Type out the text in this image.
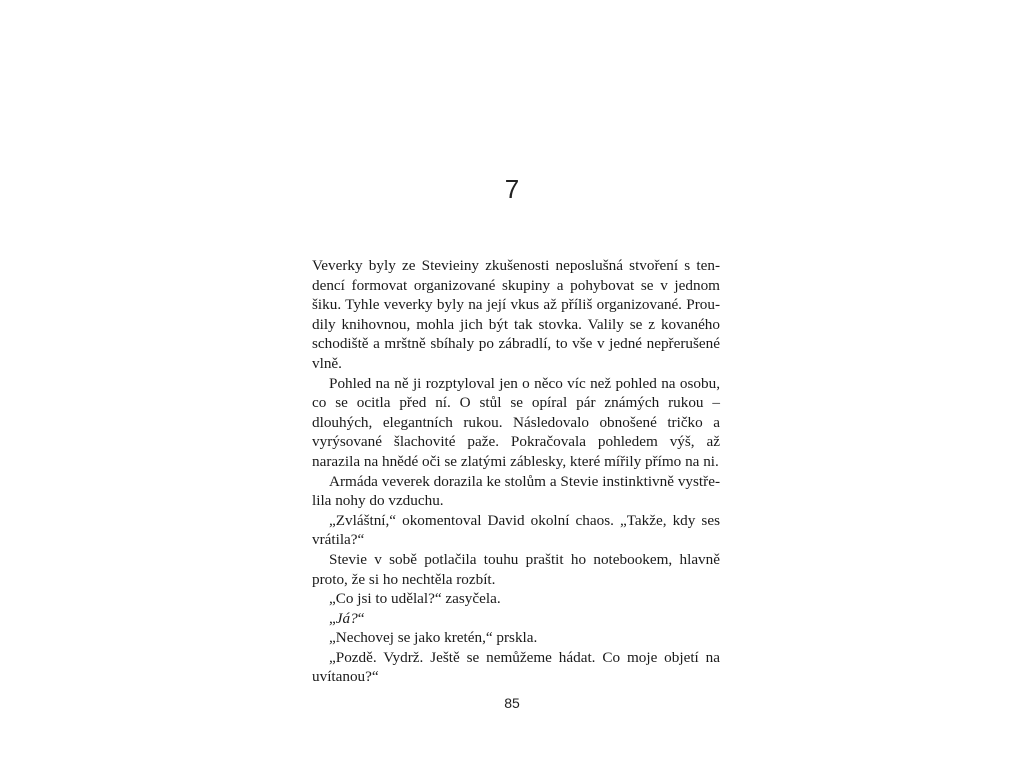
7

Veverky byly ze Stevieiny zkušenosti neposlušná stvoření s tendencí formovat organizované skupiny a pohybovat se v jednom šiku. Tyhle veverky byly na její vkus až příliš organizované. Proudily knihovnou, mohla jich být tak stovka. Valily se z kovaného schodiště a mrštně sbíhaly po zábradlí, to vše v jedné nepřerušené vlně.

Pohled na ně ji rozptyloval jen o něco víc než pohled na osobu, co se ocitla před ní. O stůl se opíral pár známých rukou – dlouhých, elegantních rukou. Následovalo obnošené tričko a vyrýsované šlachovité paže. Pokračovala pohledem výš, až narazila na hnědé oči se zlatými záblesky, které mířily přímo na ni.

Armáda veverek dorazila ke stolům a Stevie instinktivně vystřelila nohy do vzduchu.

„Zvláštní,“ okomentoval David okolní chaos. „Takže, kdy ses vrátila?“

Stevie v sobě potlačila touhu praštit ho notebookem, hlavně proto, že si ho nechtěla rozbít.

„Co jsi to udělal?“ zasyčela.

„Já?“

„Nechovej se jako kretén,“ prskla.

„Pozdě. Vydrž. Ještě se nemůžeme hádat. Co moje objetí na uvítanou?“

85
